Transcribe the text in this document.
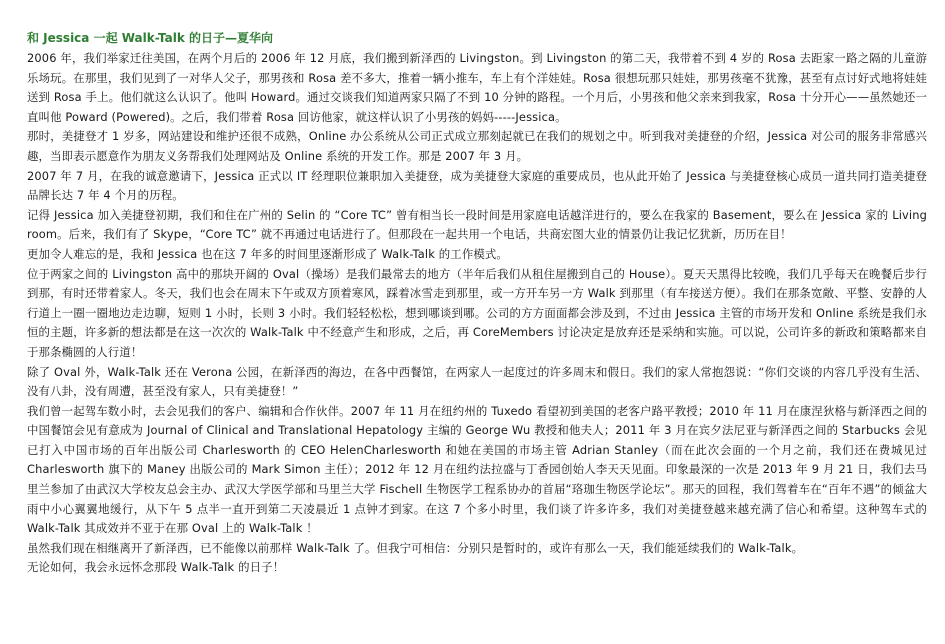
和 Jessica 一起 Walk-Talk 的日子—夏华向

2006 年，我们举家迁往美国，在两个月后的 2006 年 12 月底，我们搬到新泽西的 Livingston。到 Livingston 的第二天，我带着不到 4 岁的 Rosa 去距家一路之隔的儿童游乐场玩。在那里，我们见到了一对华人父子，那男孩和 Rosa 差不多大，推着一辆小推车，车上有个洋娃娃。Rosa 很想玩那只娃娃，那男孩毫不犹豫，甚至有点讨好式地将娃娃送到 Rosa 手上。他们就这么认识了。他叫 Howard。通过交谈我们知道两家只隔了不到 10 分钟的路程。一个月后，小男孩和他父亲来到我家，Rosa 十分开心——虽然她还一直叫他 Poward (Powered)。之后，我们带着 Rosa 回访他家，就这样认识了小男孩的妈妈-----Jessica。

那时，美捷登才 1 岁多，网站建设和维护还很不成熟，Online 办公系统从公司正式成立那刻起就已在我们的规划之中。听到我对美捷登的介绍，Jessica 对公司的服务非常感兴趣，当即表示愿意作为朋友义务帮我们处理网站及 Online 系统的开发工作。那是 2007 年 3 月。

2007 年 7 月，在我的诚意邀请下，Jessica 正式以 IT 经理职位兼职加入美捷登，成为美捷登大家庭的重要成员，也从此开始了 Jessica 与美捷登核心成员一道共同打造美捷登品牌长达 7 年 4 个月的历程。

记得 Jessica 加入美捷登初期，我们和住在广州的 Selin 的 “Core TC” 曾有相当长一段时间是用家庭电话越洋进行的，要么在我家的 Basement，要么在 Jessica 家的 Living room。后来，我们有了 Skype，“Core TC” 就不再通过电话进行了。但那段在一起共用一个电话，共商宏图大业的情景仍让我记忆犹新，历历在目！

更加令人难忘的是，我和 Jessica 也在这 7 年多的时间里逐渐形成了 Walk-Talk 的工作模式。

位于两家之间的 Livingston 高中的那块开阔的 Oval（操场）是我们最常去的地方（半年后我们从租住屋搬到自己的 House）。夏天天黑得比较晚，我们几乎每天在晚餐后步行到那，有时还带着家人。冬天，我们也会在周末下午或双方顶着寒风，踩着冰雪走到那里，或一方开车另一方 Walk 到那里（有车接送方便）。我们在那条宽敞、平整、安静的人行道上一圈一圈地边走边聊，短则 1 小时，长则 3 小时。我们轻轻松松，想到哪谈到哪。公司的方方面面都会涉及到，不过由 Jessica 主管的市场开发和 Online 系统是我们永恒的主题，许多新的想法都是在这一次次的 Walk-Talk 中不经意产生和形成，之后，再 CoreMembers 讨论决定是放弃还是采纳和实施。可以说，公司许多的新政和策略都来自于那条椭圆的人行道！

除了 Oval 外，Walk-Talk 还在 Verona 公园，在新泽西的海边，在各中西餐馆，在两家人一起度过的许多周末和假日。我们的家人常抱怨说：“你们交谈的内容几乎没有生活、没有八卦，没有周遭，甚至没有家人，只有美捷登！”

我们曾一起驾车数小时，去会见我们的客户、编辑和合作伙伴。2007 年 11 月在纽约州的 Tuxedo 看望初到美国的老客户路平教授；2010 年 11 月在康涅狄格与新泽西之间的中国餐馆会见有意成为 Journal of Clinical and Translational Hepatology 主编的 George Wu 教授和他夫人；2011 年 3 月在宾夕法尼亚与新泽西之间的 Starbucks 会见已打入中国市场的百年出版公司 Charlesworth 的 CEO HelenCharlesworth 和她在美国的市场主管 Adrian Stanley（而在此次会面的一个月之前，我们还在费城见过 Charlesworth 旗下的 Maney 出版公司的 Mark Simon 主任）；2012 年 12 月在纽约法拉盛与丁香园创始人李天天见面。印象最深的一次是 2013 年 9 月 21 日，我们去马里兰参加了由武汉大学校友总会主办、武汉大学医学部和马里兰大学 Fischell 生物医学工程系协办的首届“珞珈生物医学论坛”。那天的回程，我们驾着车在“百年不遇”的倾盆大雨中小心翼翼地缓行，从下午 5 点半一直开到第二天凌晨近 1 点钟才到家。在这 7 个多小时里，我们谈了许多许多，我们对美捷登越来越充满了信心和希望。这种驾车式的 Walk-Talk 其成效并不亚于在那 Oval 上的 Walk-Talk ！

虽然我们现在相继离开了新泽西，已不能像以前那样 Walk-Talk 了。但我宁可相信：分别只是暂时的，或许有那么一天，我们能延续我们的 Walk-Talk。

无论如何，我会永远怀念那段 Walk-Talk 的日子！
